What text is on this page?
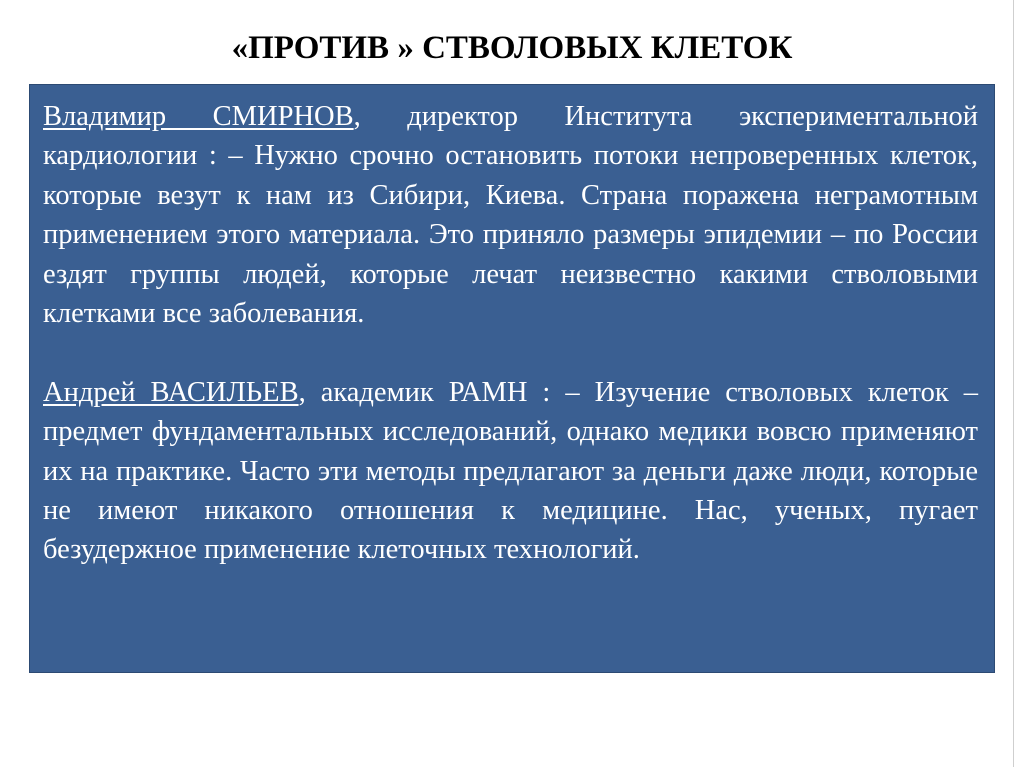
«ПРОТИВ » СТВОЛОВЫХ КЛЕТОК

Владимир СМИРНОВ, директор Института экспериментальной кардиологии : – Нужно срочно остановить потоки непроверенных клеток, которые везут к нам из Сибири, Киева. Страна поражена неграмотным применением этого материала. Это приняло размеры эпидемии – по России ездят группы людей, которые лечат неизвестно какими стволовыми клетками все заболевания.

Андрей ВАСИЛЬЕВ, академик РАМН : – Изучение стволовых клеток – предмет фундаментальных исследований, однако медики вовсю применяют их на практике. Часто эти методы предлагают за деньги даже люди, которые не имеют никакого отношения к медицине. Нас, ученых, пугает безудержное применение клеточных технологий.
